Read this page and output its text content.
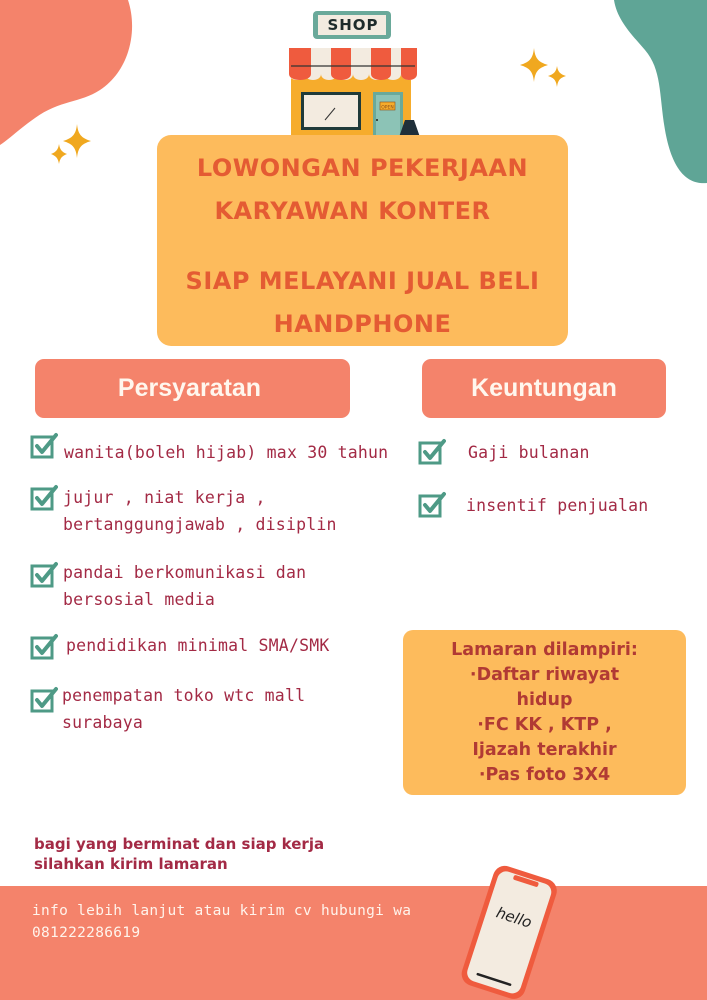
OPEN
SHOP
LOWONGAN PEKERJAAN
KARYAWAN KONTER
SIAP MELAYANI JUAL BELI
HANDPHONE
Persyaratan	Keuntungan
wanita(boleh hijab) max 30 tahun
jujur , niat kerja ,
bertanggungjawab , disiplin
pandai berkomunikasi dan
bersosial media
pendidikan minimal SMA/SMK
penempatan toko wtc mall
surabaya
Gaji bulanan
insentif penjualan
Lamaran dilampiri:
·Daftar riwayat
hidup
·FC KK , KTP ,
Ijazah terakhir
·Pas foto 3X4
bagi yang berminat dan siap kerja
silahkan kirim lamaran
info lebih lanjut atau kirim cv hubungi wa
081222286619
hello
